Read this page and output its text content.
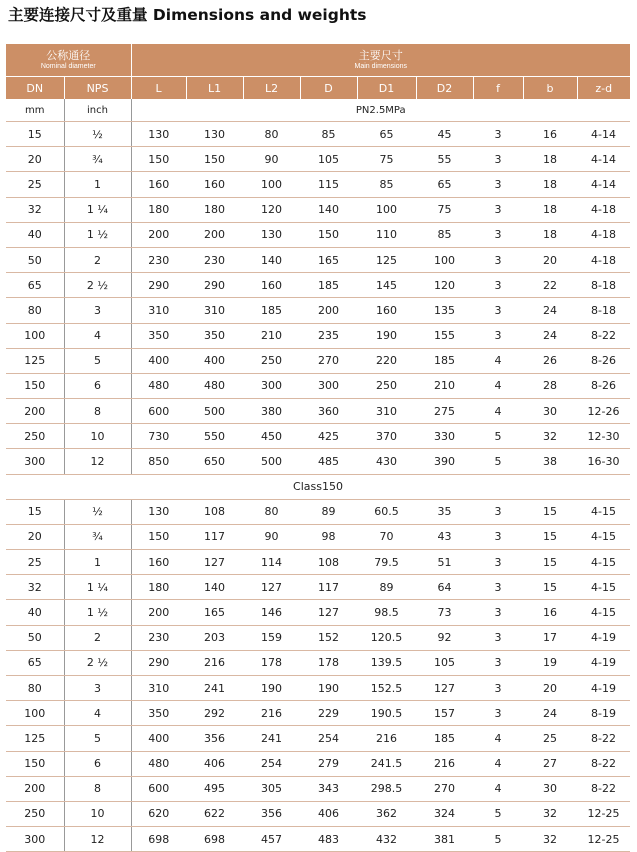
主要连接尺寸及重量 Dimensions and weights
公称通径
Nominal diameter		主要尺寸
Main dimensions								

DN	NPS	L	L1	L2	D	D1	D2	f	b	z-d
mm	inch	PN2.5MPa								
15	½	130	130	80	85	65	45	3	16	4-14
20	¾	150	150	90	105	75	55	3	18	4-14
25	1	160	160	100	115	85	65	3	18	4-14
32	1 ¼	180	180	120	140	100	75	3	18	4-18
40	1 ½	200	200	130	150	110	85	3	18	4-18
50	2	230	230	140	165	125	100	3	20	4-18
65	2 ½	290	290	160	185	145	120	3	22	8-18
80	3	310	310	185	200	160	135	3	24	8-18
100	4	350	350	210	235	190	155	3	24	8-22
125	5	400	400	250	270	220	185	4	26	8-26
150	6	480	480	300	300	250	210	4	28	8-26
200	8	600	500	380	360	310	275	4	30	12-26
250	10	730	550	450	425	370	330	5	32	12-30
300	12	850	650	500	485	430	390	5	38	16-30
Class150										
15	½	130	108	80	89	60.5	35	3	15	4-15
20	¾	150	117	90	98	70	43	3	15	4-15
25	1	160	127	114	108	79.5	51	3	15	4-15
32	1 ¼	180	140	127	117	89	64	3	15	4-15
40	1 ½	200	165	146	127	98.5	73	3	16	4-15
50	2	230	203	159	152	120.5	92	3	17	4-19
65	2 ½	290	216	178	178	139.5	105	3	19	4-19
80	3	310	241	190	190	152.5	127	3	20	4-19
100	4	350	292	216	229	190.5	157	3	24	8-19
125	5	400	356	241	254	216	185	4	25	8-22
150	6	480	406	254	279	241.5	216	4	27	8-22
200	8	600	495	305	343	298.5	270	4	30	8-22
250	10	620	622	356	406	362	324	5	32	12-25
300	12	698	698	457	483	432	381	5	32	12-25
